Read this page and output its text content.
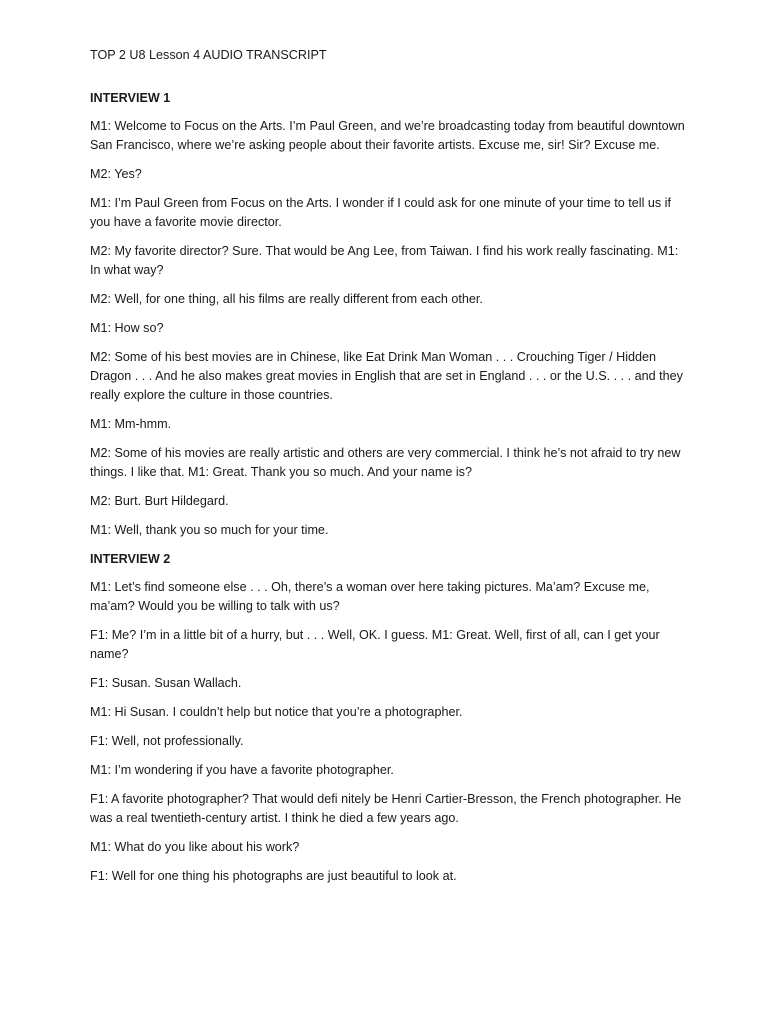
TOP 2 U8 Lesson 4 AUDIO TRANSCRIPT
INTERVIEW 1
M1: Welcome to Focus on the Arts. I’m Paul Green, and we’re broadcasting today from beautiful downtown San Francisco, where we’re asking people about their favorite artists. Excuse me, sir! Sir? Excuse me.
M2: Yes?
M1: I’m Paul Green from Focus on the Arts. I wonder if I could ask for one minute of your time to tell us if you have a favorite movie director.
M2: My favorite director? Sure. That would be Ang Lee, from Taiwan. I find his work really fascinating. M1: In what way?
M2: Well, for one thing, all his films are really different from each other.
M1: How so?
M2: Some of his best movies are in Chinese, like Eat Drink Man Woman . . . Crouching Tiger / Hidden Dragon . . . And he also makes great movies in English that are set in England . . . or the U.S. . . . and they really explore the culture in those countries.
M1: Mm-hmm.
M2: Some of his movies are really artistic and others are very commercial. I think he’s not afraid to try new things. I like that. M1: Great. Thank you so much. And your name is?
M2: Burt. Burt Hildegard.
M1: Well, thank you so much for your time.
INTERVIEW 2
M1: Let’s find someone else . . . Oh, there’s a woman over here taking pictures. Ma’am? Excuse me, ma’am? Would you be willing to talk with us?
F1: Me? I’m in a little bit of a hurry, but . . . Well, OK. I guess. M1: Great. Well, first of all, can I get your name?
F1: Susan. Susan Wallach.
M1: Hi Susan. I couldn’t help but notice that you’re a photographer.
F1: Well, not professionally.
M1: I’m wondering if you have a favorite photographer.
F1: A favorite photographer? That would defi nitely be Henri Cartier-Bresson, the French photographer. He was a real twentieth-century artist. I think he died a few years ago.
M1: What do you like about his work?
F1: Well for one thing his photographs are just beautiful to look at.
